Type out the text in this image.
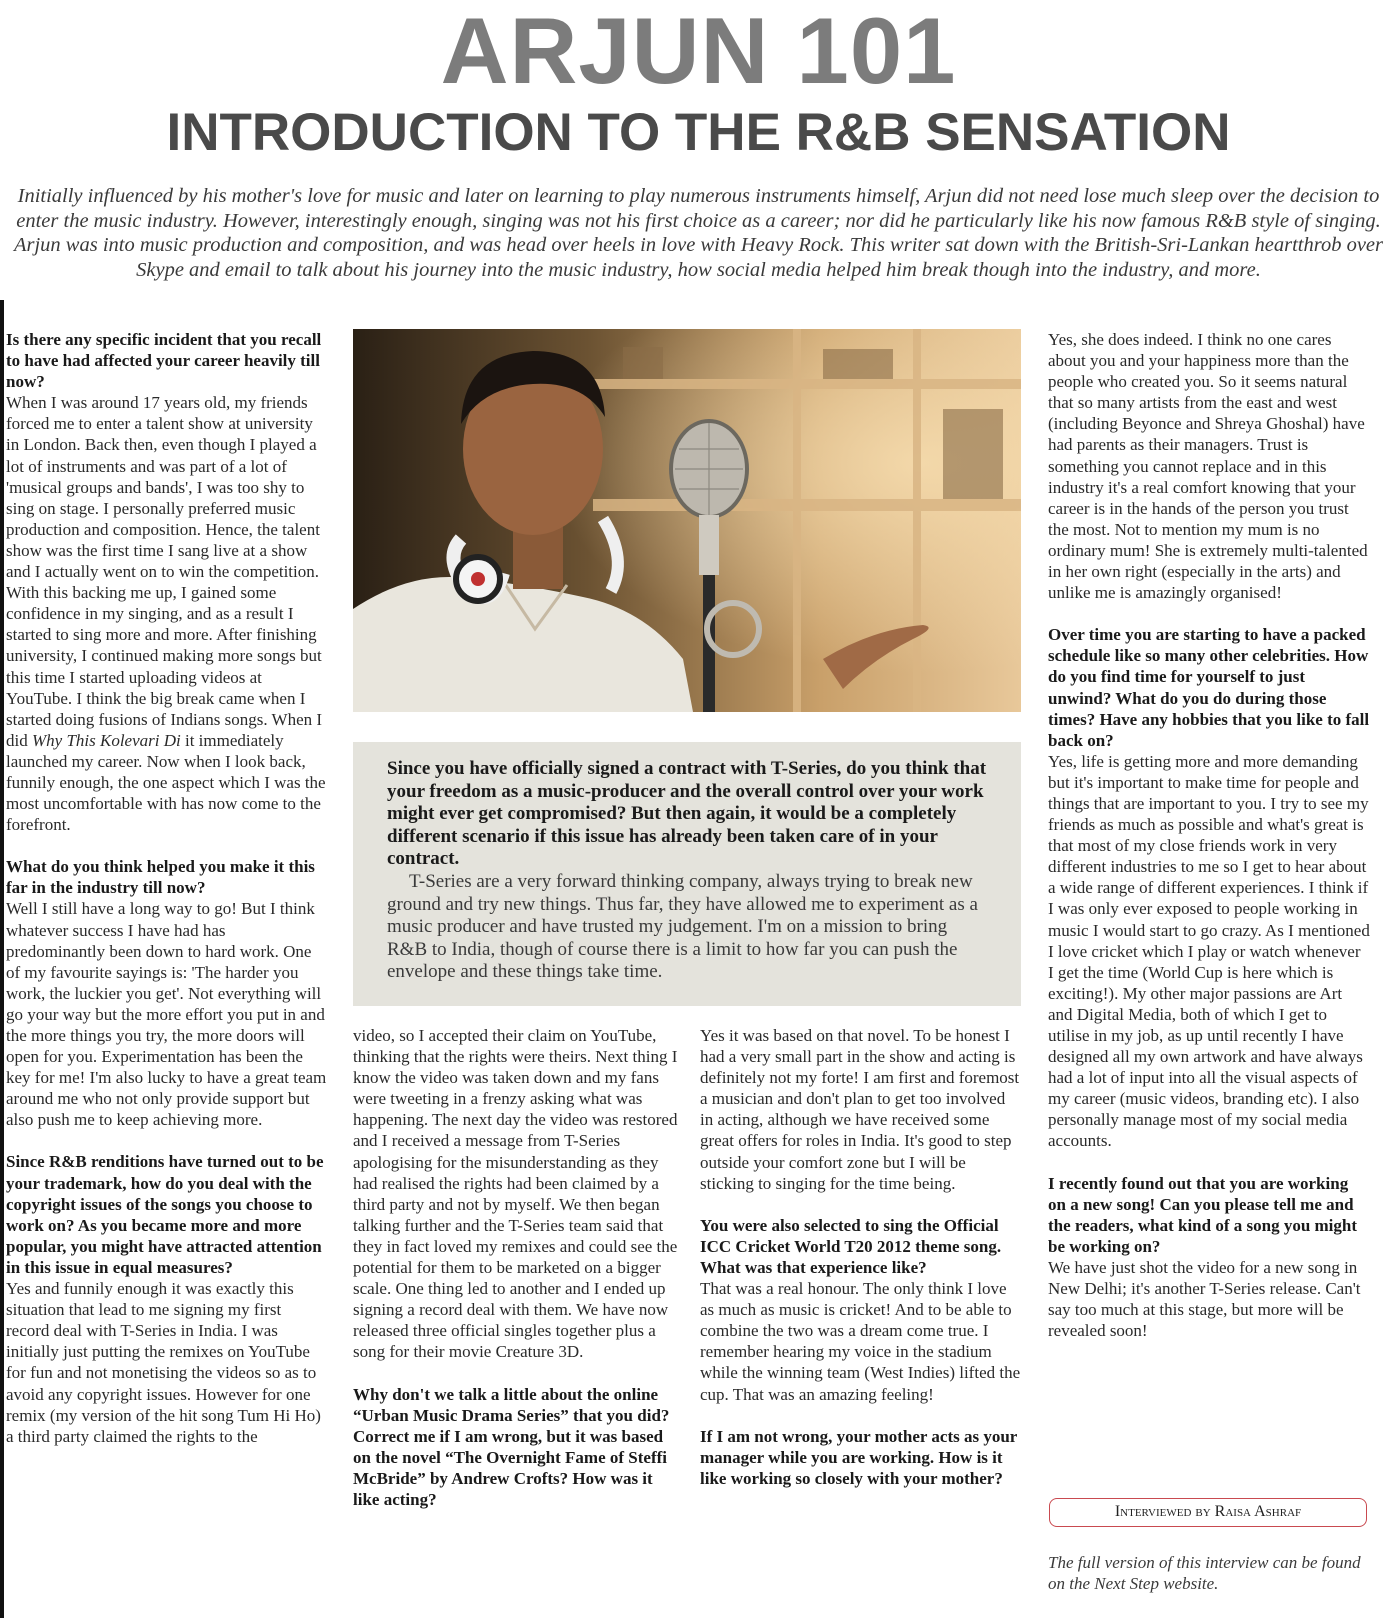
ARJUN 101
INTRODUCTION TO THE R&B SENSATION

Initially influenced by his mother's love for music and later on learning to play numerous instruments himself, Arjun did not need lose much sleep over the decision to enter the music industry. However, interestingly enough, singing was not his first choice as a career; nor did he particularly like his now famous R&B style of singing. Arjun was into music production and composition, and was head over heels in love with Heavy Rock. This writer sat down with the British-Sri-Lankan heartthrob over Skype and email to talk about his journey into the music industry, how social media helped him break though into the industry, and more.

Is there any specific incident that you recall to have had affected your career heavily till now?
When I was around 17 years old, my friends forced me to enter a talent show at university in London. Back then, even though I played a lot of instruments and was part of a lot of 'musical groups and bands', I was too shy to sing on stage. I personally preferred music production and composition. Hence, the talent show was the first time I sang live at a show and I actually went on to win the competition. With this backing me up, I gained some confidence in my singing, and as a result I started to sing more and more. After finishing university, I continued making more songs but this time I started uploading videos at YouTube. I think the big break came when I started doing fusions of Indians songs. When I did Why This Kolevari Di it immediately launched my career. Now when I look back, funnily enough, the one aspect which I was the most uncomfortable with has now come to the forefront.
What do you think helped you make it this far in the industry till now?
Well I still have a long way to go! But I think whatever success I have had has predominantly been down to hard work. One of my favourite sayings is: 'The harder you work, the luckier you get'. Not everything will go your way but the more effort you put in and the more things you try, the more doors will open for you. Experimentation has been the key for me! I'm also lucky to have a great team around me who not only provide support but also push me to keep achieving more.
Since R&B renditions have turned out to be your trademark, how do you deal with the copyright issues of the songs you choose to work on? As you became more and more popular, you might have attracted attention in this issue in equal measures?
Yes and funnily enough it was exactly this situation that lead to me signing my first record deal with T-Series in India. I was initially just putting the remixes on YouTube for fun and not monetising the videos so as to avoid any copyright issues. However for one remix (my version of the hit song Tum Hi Ho) a third party claimed the rights to the
Since you have officially signed a contract with T-Series, do you think that your freedom as a music-producer and the overall control over your work might ever get compromised? But then again, it would be a completely different scenario if this issue has already been taken care of in your contract.
T-Series are a very forward thinking company, always trying to break new ground and try new things. Thus far, they have allowed me to experiment as a music producer and have trusted my judgement. I'm on a mission to bring R&B to India, though of course there is a limit to how far you can push the envelope and these things take time.
video, so I accepted their claim on YouTube, thinking that the rights were theirs. Next thing I know the video was taken down and my fans were tweeting in a frenzy asking what was happening. The next day the video was restored and I received a message from T-Series apologising for the misunderstanding as they had realised the rights had been claimed by a third party and not by myself. We then began talking further and the T-Series team said that they in fact loved my remixes and could see the potential for them to be marketed on a bigger scale. One thing led to another and I ended up signing a record deal with them. We have now released three official singles together plus a song for their movie Creature 3D.
Why don't we talk a little about the online “Urban Music Drama Series” that you did? Correct me if I am wrong, but it was based on the novel “The Overnight Fame of Steffi McBride” by Andrew Crofts? How was it like acting?
Yes it was based on that novel. To be honest I had a very small part in the show and acting is definitely not my forte! I am first and foremost a musician and don't plan to get too involved in acting, although we have received some great offers for roles in India. It's good to step outside your comfort zone but I will be sticking to singing for the time being.
You were also selected to sing the Official ICC Cricket World T20 2012 theme song. What was that experience like?
That was a real honour. The only think I love as much as music is cricket! And to be able to combine the two was a dream come true. I remember hearing my voice in the stadium while the winning team (West Indies) lifted the cup. That was an amazing feeling!
If I am not wrong, your mother acts as your manager while you are working. How is it like working so closely with your mother?
Yes, she does indeed. I think no one cares about you and your happiness more than the people who created you. So it seems natural that so many artists from the east and west (including Beyonce and Shreya Ghoshal) have had parents as their managers. Trust is something you cannot replace and in this industry it's a real comfort knowing that your career is in the hands of the person you trust the most. Not to mention my mum is no ordinary mum! She is extremely multi-talented in her own right (especially in the arts) and unlike me is amazingly organised!
Over time you are starting to have a packed schedule like so many other celebrities. How do you find time for yourself to just unwind? What do you do during those times? Have any hobbies that you like to fall back on?
Yes, life is getting more and more demanding but it's important to make time for people and things that are important to you. I try to see my friends as much as possible and what's great is that most of my close friends work in very different industries to me so I get to hear about a wide range of different experiences. I think if I was only ever exposed to people working in music I would start to go crazy. As I mentioned I love cricket which I play or watch whenever I get the time (World Cup is here which is exciting!). My other major passions are Art and Digital Media, both of which I get to utilise in my job, as up until recently I have designed all my own artwork and have always had a lot of input into all the visual aspects of my career (music videos, branding etc). I also personally manage most of my social media accounts.
I recently found out that you are working on a new song! Can you please tell me and the readers, what kind of a song you might be working on?
We have just shot the video for a new song in New Delhi; it's another T-Series release. Can't say too much at this stage, but more will be revealed soon!
Interviewed by Raisa Ashraf
The full version of this interview can be found on the Next Step website.
